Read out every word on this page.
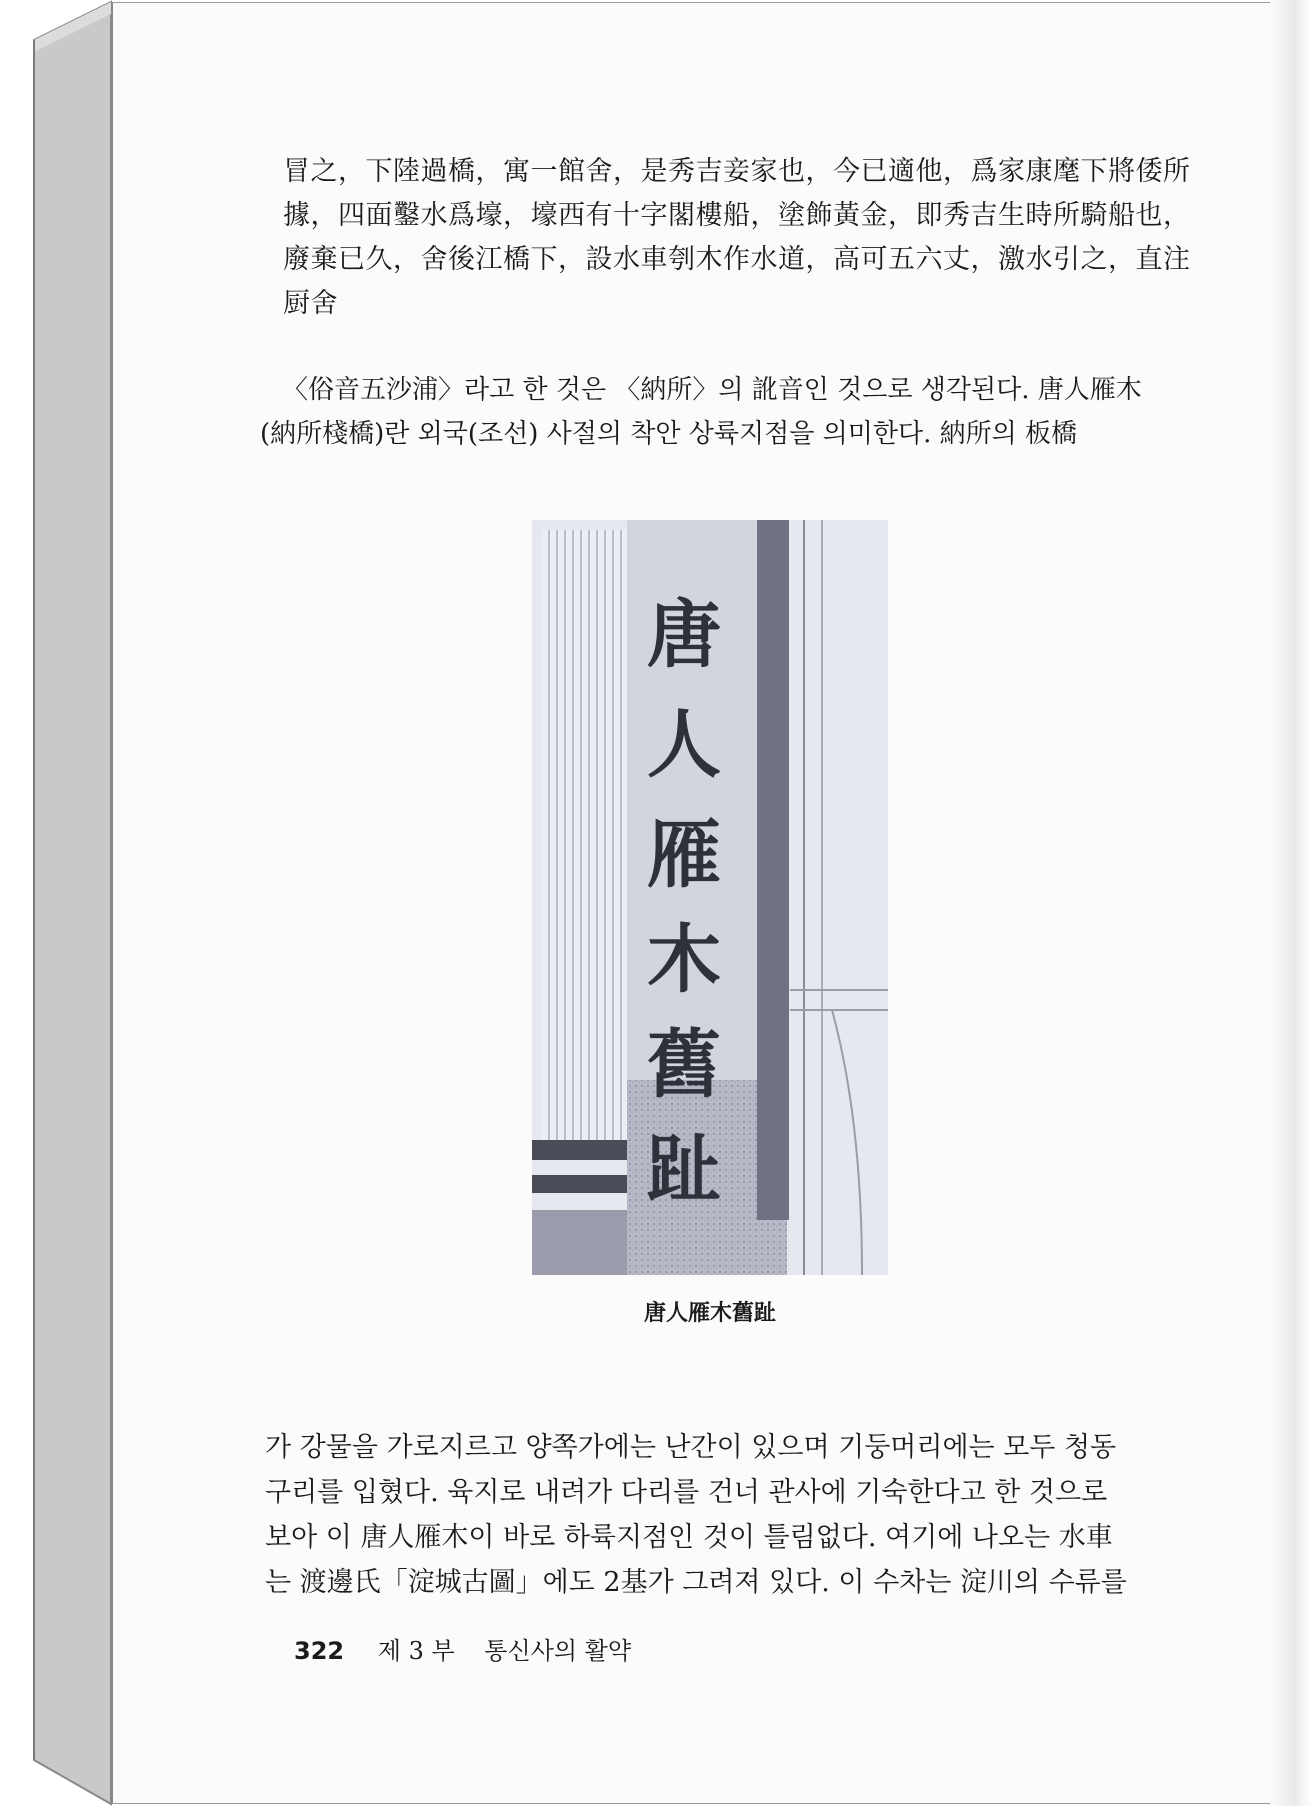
冒之，下陸過橋，寓一館舍，是秀吉妾家也，今已適他，爲家康麾下將倭所

據，四面鑿水爲壕，壕西有十字閣樓船，塗飾黃金，即秀吉生時所騎船也，

廢棄已久，舍後江橋下，設水車刳木作水道，高可五六丈，激水引之，直注

厨舍

〈俗音五沙浦〉라고 한 것은 〈納所〉의 訛音인 것으로 생각된다. 唐人雁木

(納所棧橋)란 외국(조선) 사절의 착안 상륙지점을 의미한다. 納所의 板橋

唐
人
雁
木
舊
趾
唐人雁木舊趾

가 강물을 가로지르고 양쪽가에는 난간이 있으며 기둥머리에는 모두 청동

구리를 입혔다. 육지로 내려가 다리를 건너 관사에 기숙한다고 한 것으로

보아 이 唐人雁木이 바로 하륙지점인 것이 틀림없다. 여기에 나오는 水車

는 渡邊氏「淀城古圖」에도 2基가 그려져 있다. 이 수차는 淀川의 수류를

322 제 3 부 통신사의 활약
